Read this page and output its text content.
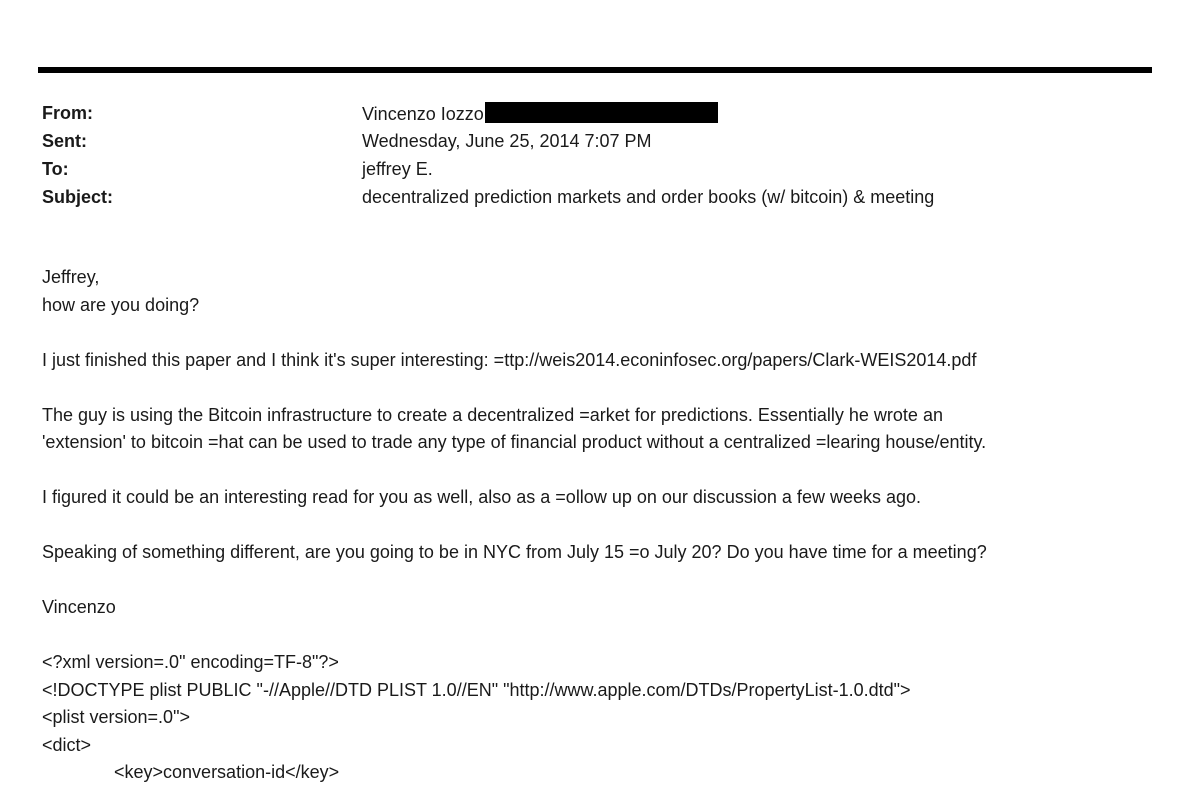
From:	Vincenzo Iozzo
Sent:	Wednesday, June 25, 2014 7:07 PM
To:	jeffrey E.
Subject:	decentralized prediction markets and order books (w/ bitcoin) & meeting
Jeffrey,
how are you doing?
I just finished this paper and I think it's super interesting: =ttp://weis2014.econinfosec.org/papers/Clark-WEIS2014.pdf
The guy is using the Bitcoin infrastructure to create a decentralized =arket for predictions. Essentially he wrote an
'extension' to bitcoin =hat can be used to trade any type of financial product without a centralized =learing house/entity.
I figured it could be an interesting read for you as well, also as a =ollow up on our discussion a few weeks ago.
Speaking of something different, are you going to be in NYC from July 15 =o July 20? Do you have time for a meeting?
Vincenzo
<?xml version=.0" encoding=TF-8"?>
<!DOCTYPE plist PUBLIC "-//Apple//DTD PLIST 1.0//EN" "http://www.apple.com/DTDs/PropertyList-1.0.dtd">
<plist version=.0">
<dict>
<key>conversation-id</key>
